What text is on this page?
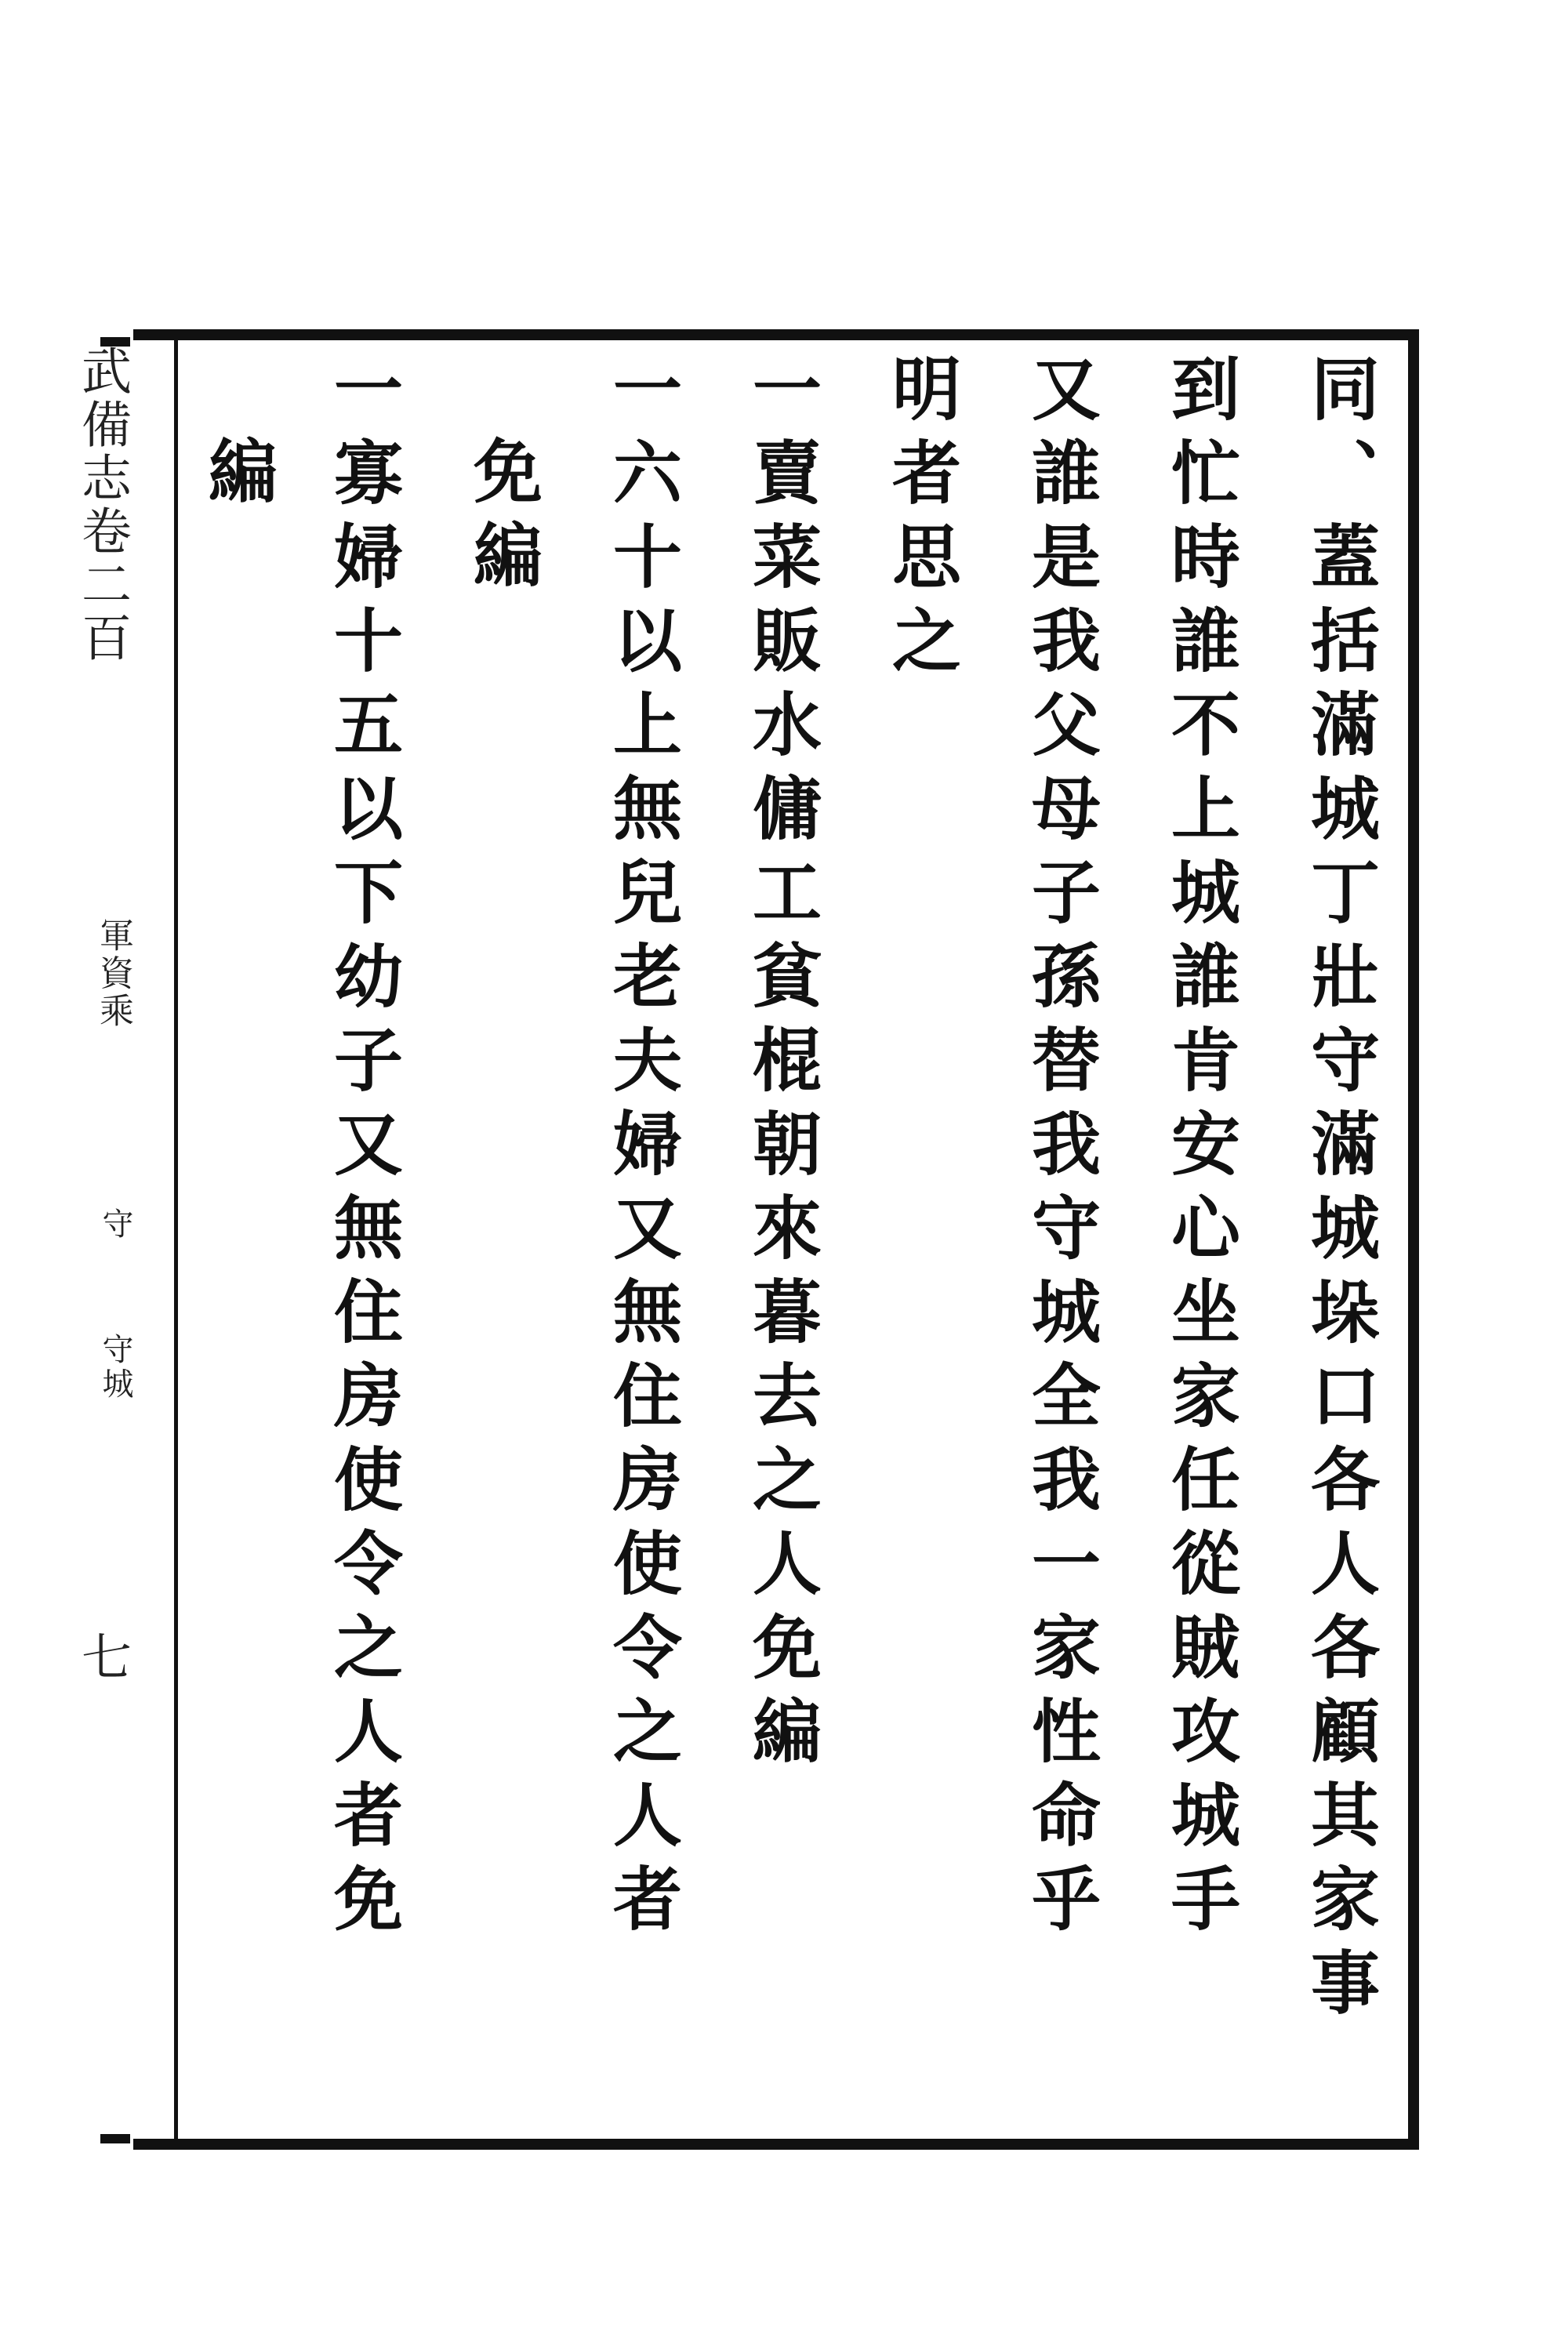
同、蓋括滿城丁壯守滿城垛口各人各顧其家事
到忙時誰不上城誰肯安心坐家任從賊攻城手
又誰是我父母子孫替我守城全我一家性命乎
明者思之
一賣菜販水傭工貧棍朝來暮去之人免編
一六十以上無兒老夫婦又無住房使令之人者
免編
一寡婦十五以下幼子又無住房使令之人者免
編
武備志卷二百
軍資乘
守
守城
七
